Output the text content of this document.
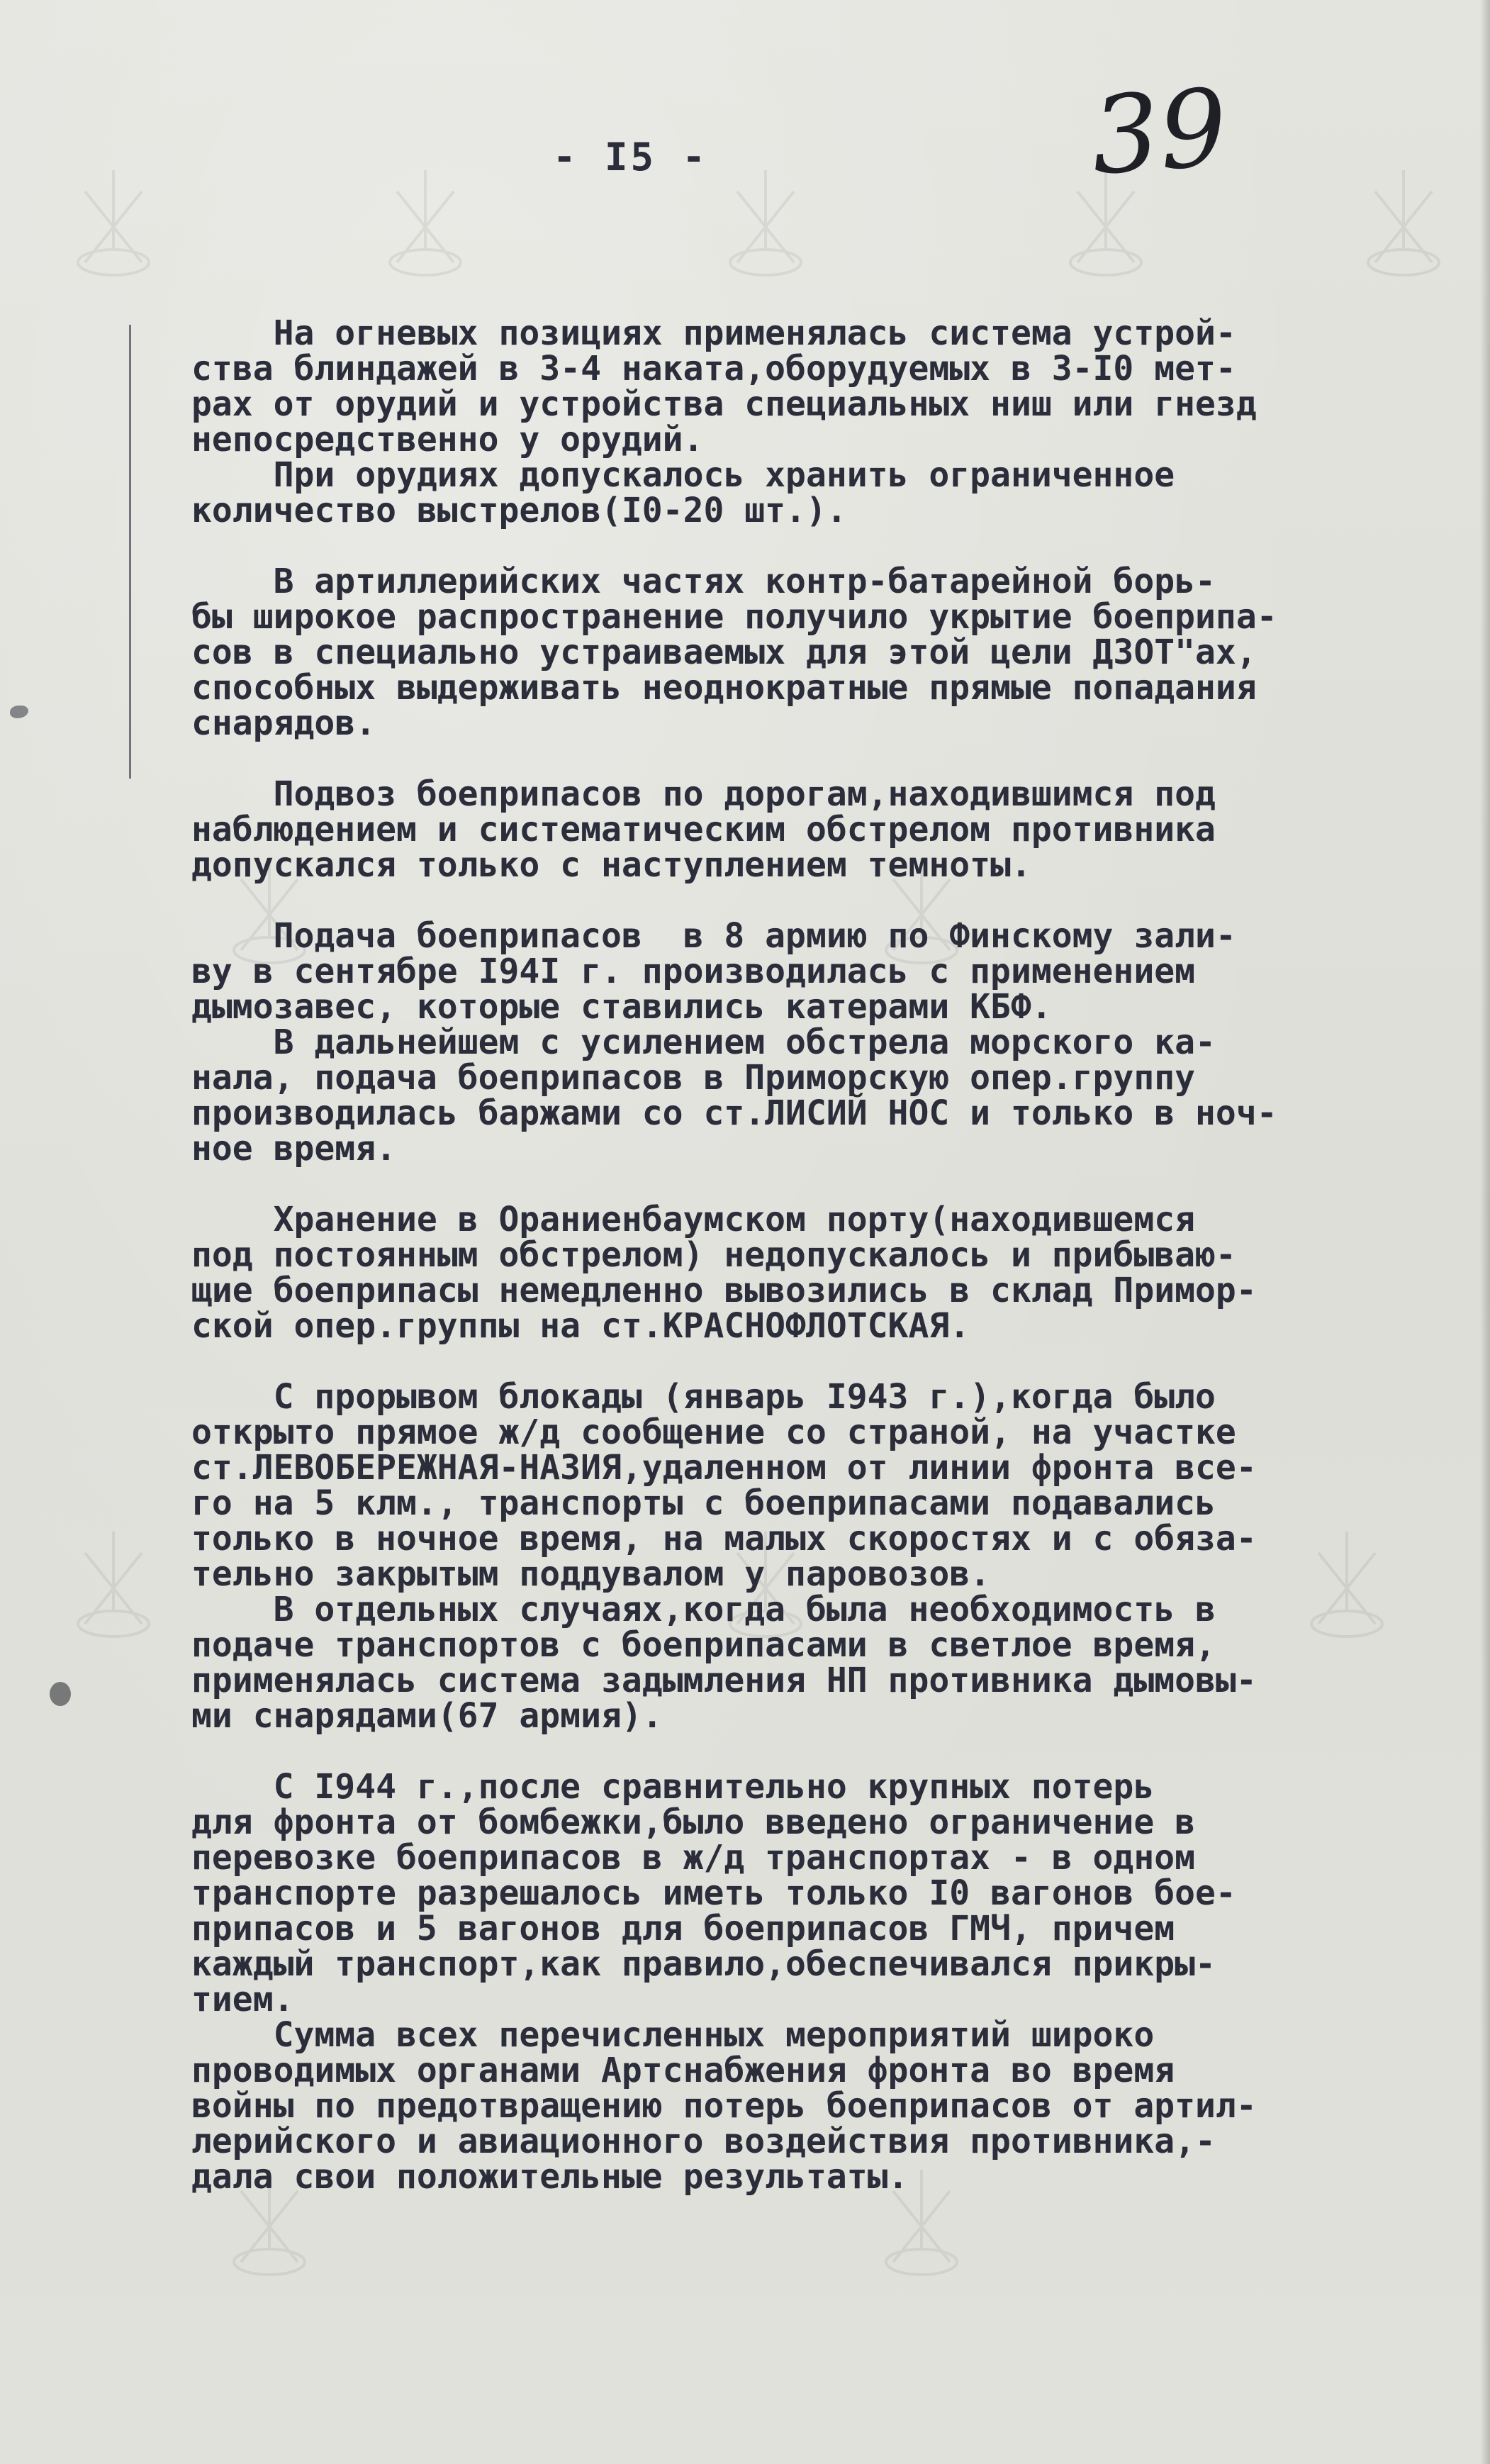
- I5 -	39
На огневых позициях применялась система устрой-
ства блиндажей в 3-4 наката,оборудуемых в 3-I0 мет-
рах от орудий и устройства специальных ниш или гнезд
непосредственно у орудий.
При орудиях допускалось хранить ограниченное
количество выстрелов(I0-20 шт.).

В артиллерийских частях контр-батарейной борь-
бы широкое распространение получило укрытие боеприпа-
сов в специально устраиваемых для этой цели ДЗОТ"ах,
способных выдерживать неоднократные прямые попадания
снарядов.

Подвоз боеприпасов по дорогам,находившимся под
наблюдением и систематическим обстрелом противника
допускался только с наступлением темноты.

Подача боеприпасов  в 8 армию по Финскому зали-
ву в сентябре I94I г. производилась с применением
дымозавес, которые ставились катерами КБФ.
В дальнейшем с усилением обстрела морского ка-
нала, подача боеприпасов в Приморскую опер.группу
производилась баржами со ст.ЛИСИЙ НОС и только в ноч-
ное время.

Хранение в Ораниенбаумском порту(находившемся
под постоянным обстрелом) недопускалось и прибываю-
щие боеприпасы немедленно вывозились в склад Примор-
ской опер.группы на ст.КРАСНОФЛОТСКАЯ.

С прорывом блокады (январь I943 г.),когда было
открыто прямое ж/д сообщение со страной, на участке
ст.ЛЕВОБЕРЕЖНАЯ-НАЗИЯ,удаленном от линии фронта все-
го на 5 клм., транспорты с боеприпасами подавались
только в ночное время, на малых скоростях и с обяза-
тельно закрытым поддувалом у паровозов.
В отдельных случаях,когда была необходимость в
подаче транспортов с боеприпасами в светлое время,
применялась система задымления НП противника дымовы-
ми снарядами(67 армия).

С I944 г.,после сравнительно крупных потерь
для фронта от бомбежки,было введено ограничение в
перевозке боеприпасов в ж/д транспортах - в одном
транспорте разрешалось иметь только I0 вагонов бое-
припасов и 5 вагонов для боеприпасов ГМЧ, причем
каждый транспорт,как правило,обеспечивался прикры-
тием.
Сумма всех перечисленных мероприятий широко
проводимых органами Артснабжения фронта во время
войны по предотвращению потерь боеприпасов от артил-
лерийского и авиационного воздействия противника,-
дала свои положительные результаты.
